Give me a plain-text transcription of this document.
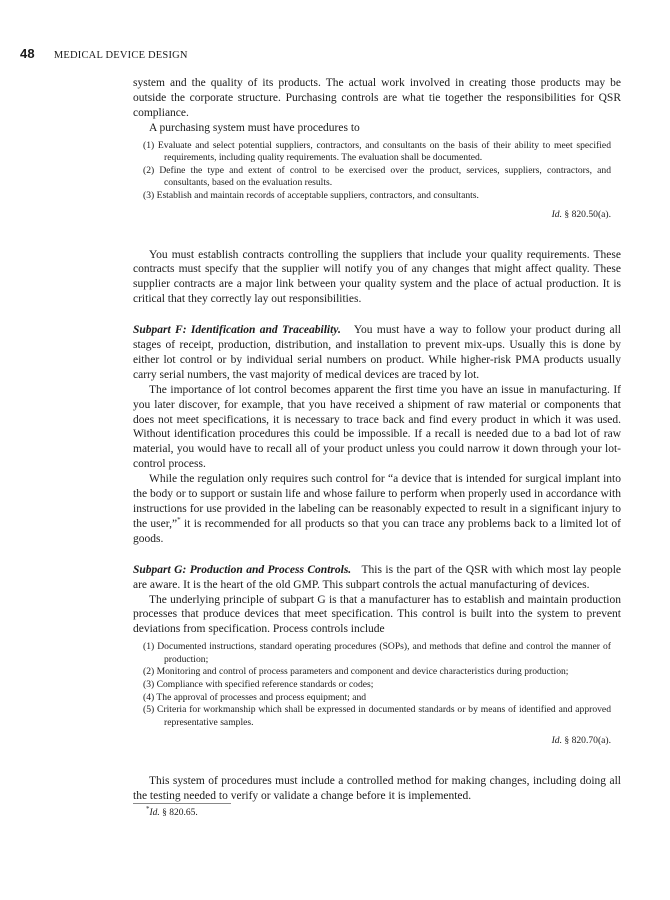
48 MEDICAL DEVICE DESIGN

system and the quality of its products. The actual work involved in creating those products may be outside the corporate structure. Purchasing controls are what tie together the responsibilities for QSR compliance.

A purchasing system must have procedures to

(1) Evaluate and select potential suppliers, contractors, and consultants on the basis of their ability to meet specified requirements, including quality requirements. The evaluation shall be documented.
(2) Define the type and extent of control to be exercised over the product, services, suppliers, contractors, and consultants, based on the evaluation results.
(3) Establish and maintain records of acceptable suppliers, contractors, and consultants.
Id. § 820.50(a).

You must establish contracts controlling the suppliers that include your quality requirements. These contracts must specify that the supplier will notify you of any changes that might affect quality. These supplier contracts are a major link between your quality system and the place of actual production. It is critical that they correctly lay out responsibilities.

Subpart F: Identification and Traceability. You must have a way to follow your product during all stages of receipt, production, distribution, and installation to prevent mix-ups. Usually this is done by either lot control or by individual serial numbers on product. While higher-risk PMA products usually carry serial numbers, the vast majority of medical devices are traced by lot.

The importance of lot control becomes apparent the first time you have an issue in manufacturing. If you later discover, for example, that you have received a shipment of raw material or components that does not meet specifications, it is necessary to trace back and find every product in which it was used. Without identification procedures this could be impossible. If a recall is needed due to a bad lot of raw material, you would have to recall all of your product unless you could narrow it down through your lot-control process.

While the regulation only requires such control for “a device that is intended for surgical implant into the body or to support or sustain life and whose failure to perform when properly used in accordance with instructions for use provided in the labeling can be reasonably expected to result in a significant injury to the user,”* it is recommended for all products so that you can trace any problems back to a limited lot of goods.

Subpart G: Production and Process Controls. This is the part of the QSR with which most lay people are aware. It is the heart of the old GMP. This subpart controls the actual manufacturing of devices.

The underlying principle of subpart G is that a manufacturer has to establish and maintain production processes that produce devices that meet specification. This control is built into the system to prevent deviations from specification. Process controls include

(1) Documented instructions, standard operating procedures (SOPs), and methods that define and control the manner of production;
(2) Monitoring and control of process parameters and component and device characteristics during production;
(3) Compliance with specified reference standards or codes;
(4) The approval of processes and process equipment; and
(5) Criteria for workmanship which shall be expressed in documented standards or by means of identified and approved representative samples.
Id. § 820.70(a).

This system of procedures must include a controlled method for making changes, including doing all the testing needed to verify or validate a change before it is implemented.

*Id. § 820.65.
